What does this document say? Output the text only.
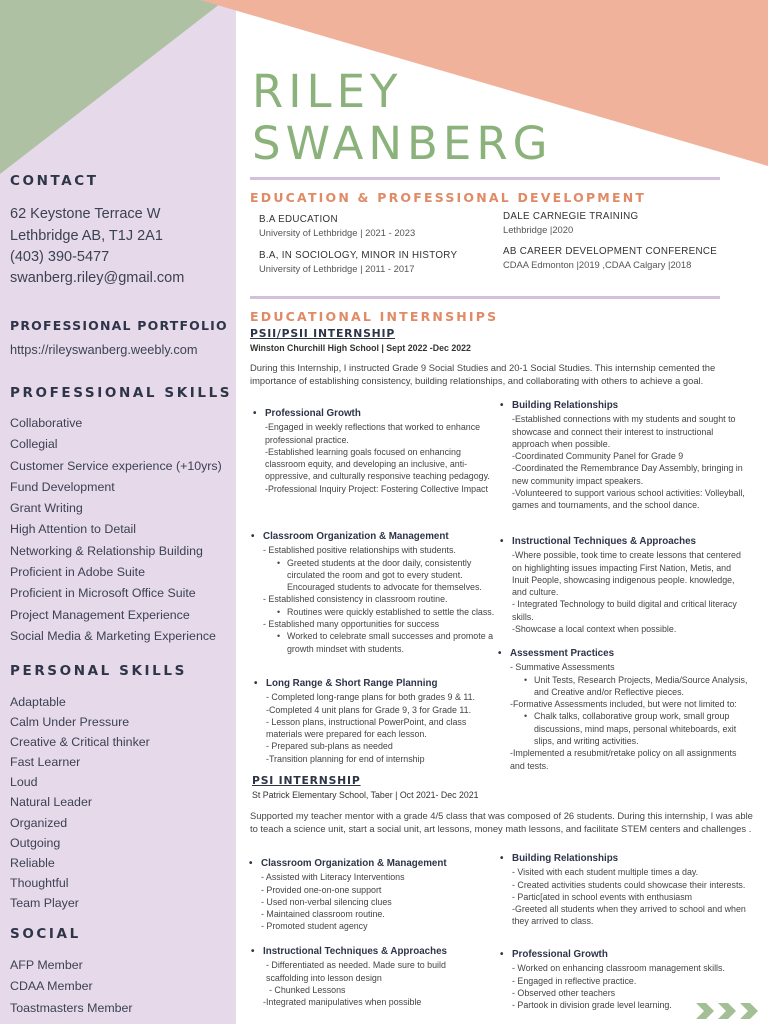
CONTACT
62 Keystone Terrace W
Lethbridge AB, T1J 2A1
(403) 390-5477
swanberg.riley@gmail.com
PROFESSIONAL PORTFOLIO
https://rileyswanberg.weebly.com
PROFESSIONAL SKILLS
Collaborative
Collegial
Customer Service experience (+10yrs)
Fund Development
Grant Writing
High Attention to Detail
Networking & Relationship Building
Proficient in Adobe Suite
Proficient in Microsoft Office Suite
Project Management Experience
Social Media & Marketing Experience
PERSONAL SKILLS
Adaptable
Calm Under Pressure
Creative & Critical thinker
Fast Learner
Loud
Natural Leader
Organized
Outgoing
Reliable
Thoughtful
Team Player
SOCIAL
AFP Member
CDAA Member
Toastmasters Member
RILEY
SWANBERG
EDUCATION & PROFESSIONAL DEVELOPMENT
B.A EDUCATION
University of Lethbridge | 2021 - 2023
B.A, IN SOCIOLOGY, MINOR IN HISTORY
University of Lethbridge | 2011 - 2017
DALE CARNEGIE TRAINING
Lethbridge |2020
AB CAREER DEVELOPMENT CONFERENCE
CDAA Edmonton |2019 ,CDAA Calgary |2018
EDUCATIONAL INTERNSHIPS
PSII/PSII INTERNSHIP
Winston Churchill High School | Sept 2022 -Dec 2022

During this Internship, I instructed Grade 9 Social Studies and 20-1 Social Studies. This internship cemented the importance of establishing consistency, building relationships, and collaborating with others to achieve a goal.

• Professional Growth
-Engaged in weekly reflections that worked to enhance professional practice.
-Established learning goals focused on enhancing classroom equity, and developing an inclusive, anti-oppressive, and culturally responsive teaching pedagogy.
-Professional Inquiry Project: Fostering Collective Impact
• Classroom Organization & Management
- Established positive relationships with students.
• Greeted students at the door daily, consistently circulated the room and got to every student. Encouraged students to advocate for themselves.
- Established consistency in classroom routine.
• Routines were quickly established to settle the class.
- Established many opportunities for success
• Worked to celebrate small successes and promote a growth mindset with students.
• Long Range & Short Range Planning
- Completed long-range plans for both grades 9 & 11.
-Completed 4 unit plans for Grade 9, 3 for Grade 11.
- Lesson plans, instructional PowerPoint, and class materials were prepared for each lesson.
- Prepared sub-plans as needed
-Transition planning for end of internship
• Building Relationships
-Established connections with my students and sought to showcase and connect their interest to instructional approach when possible.
-Coordinated Community Panel for Grade 9
-Coordinated the Remembrance Day Assembly, bringing in new community impact speakers.
-Volunteered to support various school activities: Volleyball, games and tournaments, and the school dance.
• Instructional Techniques & Approaches
-Where possible, took time to create lessons that centered on highlighting issues impacting First Nation, Metis, and Inuit People, showcasing indigenous people. knowledge, and culture.
- Integrated Technology to build digital and critical literacy skills.
-Showcase a local context when possible.
• Assessment Practices
- Summative Assessments
• Unit Tests, Research Projects, Media/Source Analysis, and Creative and/or Reflective pieces.
-Formative Assessments included, but were not limited to:
• Chalk talks, collaborative group work, small group discussions, mind maps, personal whiteboards, exit slips, and writing activities.
-Implemented a resubmit/retake policy on all assignments and tests.
PSI INTERNSHIP
St Patrick Elementary School, Taber | Oct 2021- Dec 2021

Supported my teacher mentor with a grade 4/5 class that was composed of 26 students. During this internship, I was able to teach a science unit, start a social unit, art lessons, money math lessons, and facilitate STEM centers and challenges .

• Classroom Organization & Management
- Assisted with Literacy Interventions
- Provided one-on-one support
- Used non-verbal silencing clues
- Maintained classroom routine.
- Promoted student agency
• Instructional Techniques & Approaches
- Differentiated as needed. Made sure to build scaffolding into lesson design
- Chunked Lessons
-Integrated manipulatives when possible
• Building Relationships
- Visited with each student multiple times a day.
- Created activities students could showcase their interests.
- Partic[ated in school events with enthusiasm
-Greeted all students when they arrived to school and when they arrived to class.
• Professional Growth
- Worked on enhancing classroom management skills.
- Engaged in reflective practice.
- Observed other teachers
- Partook in division grade level learning.
